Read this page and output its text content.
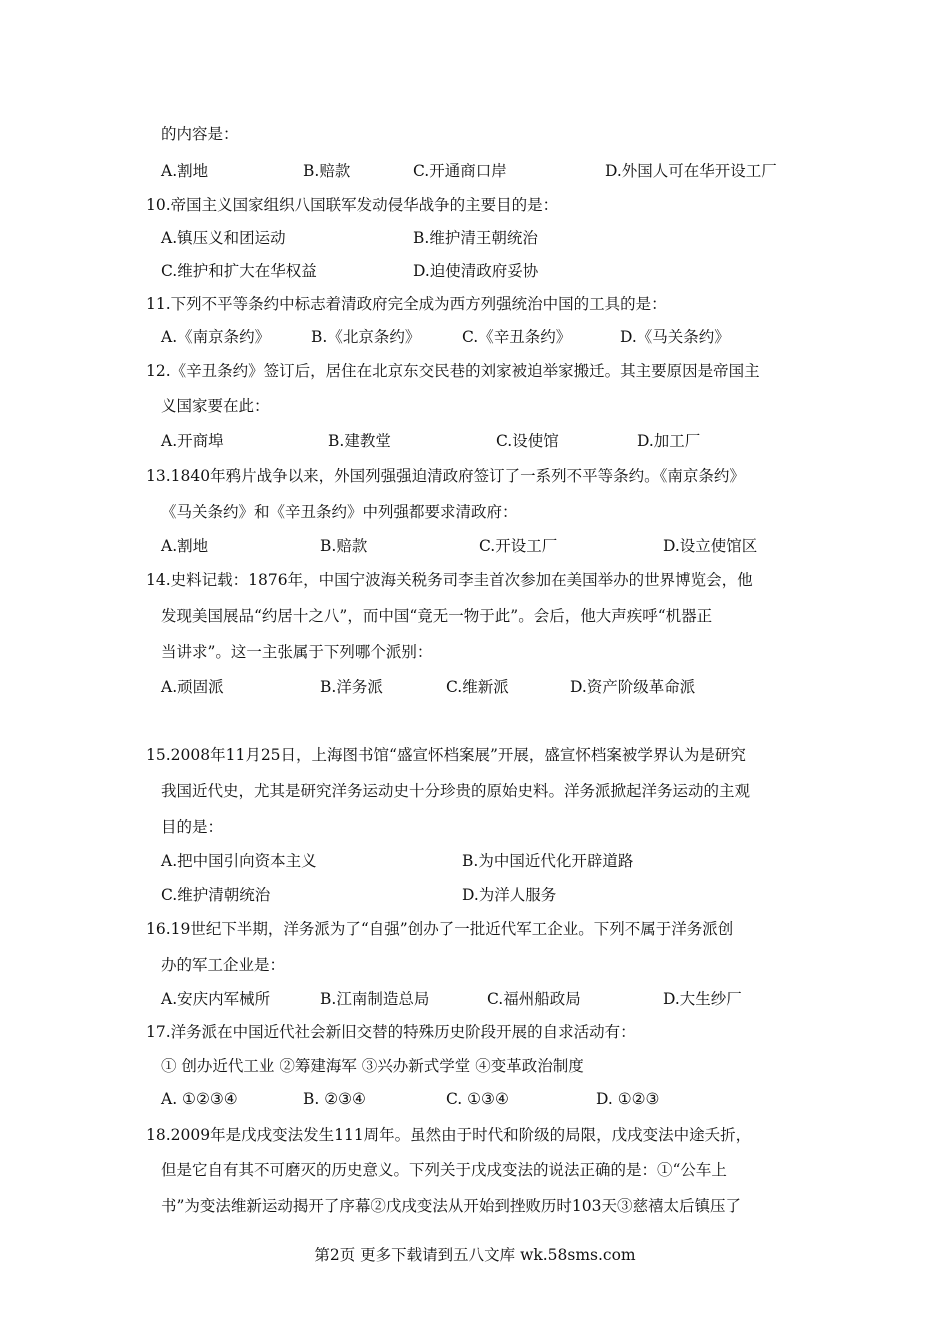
的内容是：
A.割地	B.赔款	C.开通商口岸	D.外国人可在华开设工厂
10.帝国主义国家组织八国联军发动侵华战争的主要目的是：
A.镇压义和团运动	B.维护清王朝统治
C.维护和扩大在华权益	D.迫使清政府妥协
11.下列不平等条约中标志着清政府完全成为西方列强统治中国的工具的是：
A.《南京条约》	B.《北京条约》	C.《辛丑条约》	D.《马关条约》
12.《辛丑条约》签订后，居住在北京东交民巷的刘家被迫举家搬迁。其主要原因是帝国主
义国家要在此：
A.开商埠	B.建教堂	C.设使馆	D.加工厂
13.1840年鸦片战争以来，外国列强强迫清政府签订了一系列不平等条约。《南京条约》
《马关条约》和《辛丑条约》中列强都要求清政府：
A.割地	B.赔款	C.开设工厂	D.设立使馆区
14.史料记载：1876年，中国宁波海关税务司李圭首次参加在美国举办的世界博览会，他
发现美国展品“约居十之八”，而中国“竟无一物于此”。会后，他大声疾呼“机器正
当讲求”。这一主张属于下列哪个派别：
A.顽固派	B.洋务派	C.维新派	D.资产阶级革命派
15.2008年11月25日，上海图书馆“盛宣怀档案展”开展，盛宣怀档案被学界认为是研究
我国近代史，尤其是研究洋务运动史十分珍贵的原始史料。洋务派掀起洋务运动的主观
目的是：
A.把中国引向资本主义	B.为中国近代化开辟道路
C.维护清朝统治	D.为洋人服务
16.19世纪下半期，洋务派为了“自强”创办了一批近代军工企业。下列不属于洋务派创
办的军工企业是：
A.安庆内军械所	B.江南制造总局	C.福州船政局	D.大生纱厂
17.洋务派在中国近代社会新旧交替的特殊历史阶段开展的自求活动有：
① 创办近代工业 ②筹建海军 ③兴办新式学堂 ④变革政治制度
A. ①②③④	B. ②③④	C. ①③④	D. ①②③
18.2009年是戊戌变法发生111周年。虽然由于时代和阶级的局限，戊戌变法中途夭折，
但是它自有其不可磨灭的历史意义。下列关于戊戌变法的说法正确的是：①“公车上
书”为变法维新运动揭开了序幕②戊戌变法从开始到挫败历时103天③慈禧太后镇压了
第2页 更多下载请到五八文库 wk.58sms.com
